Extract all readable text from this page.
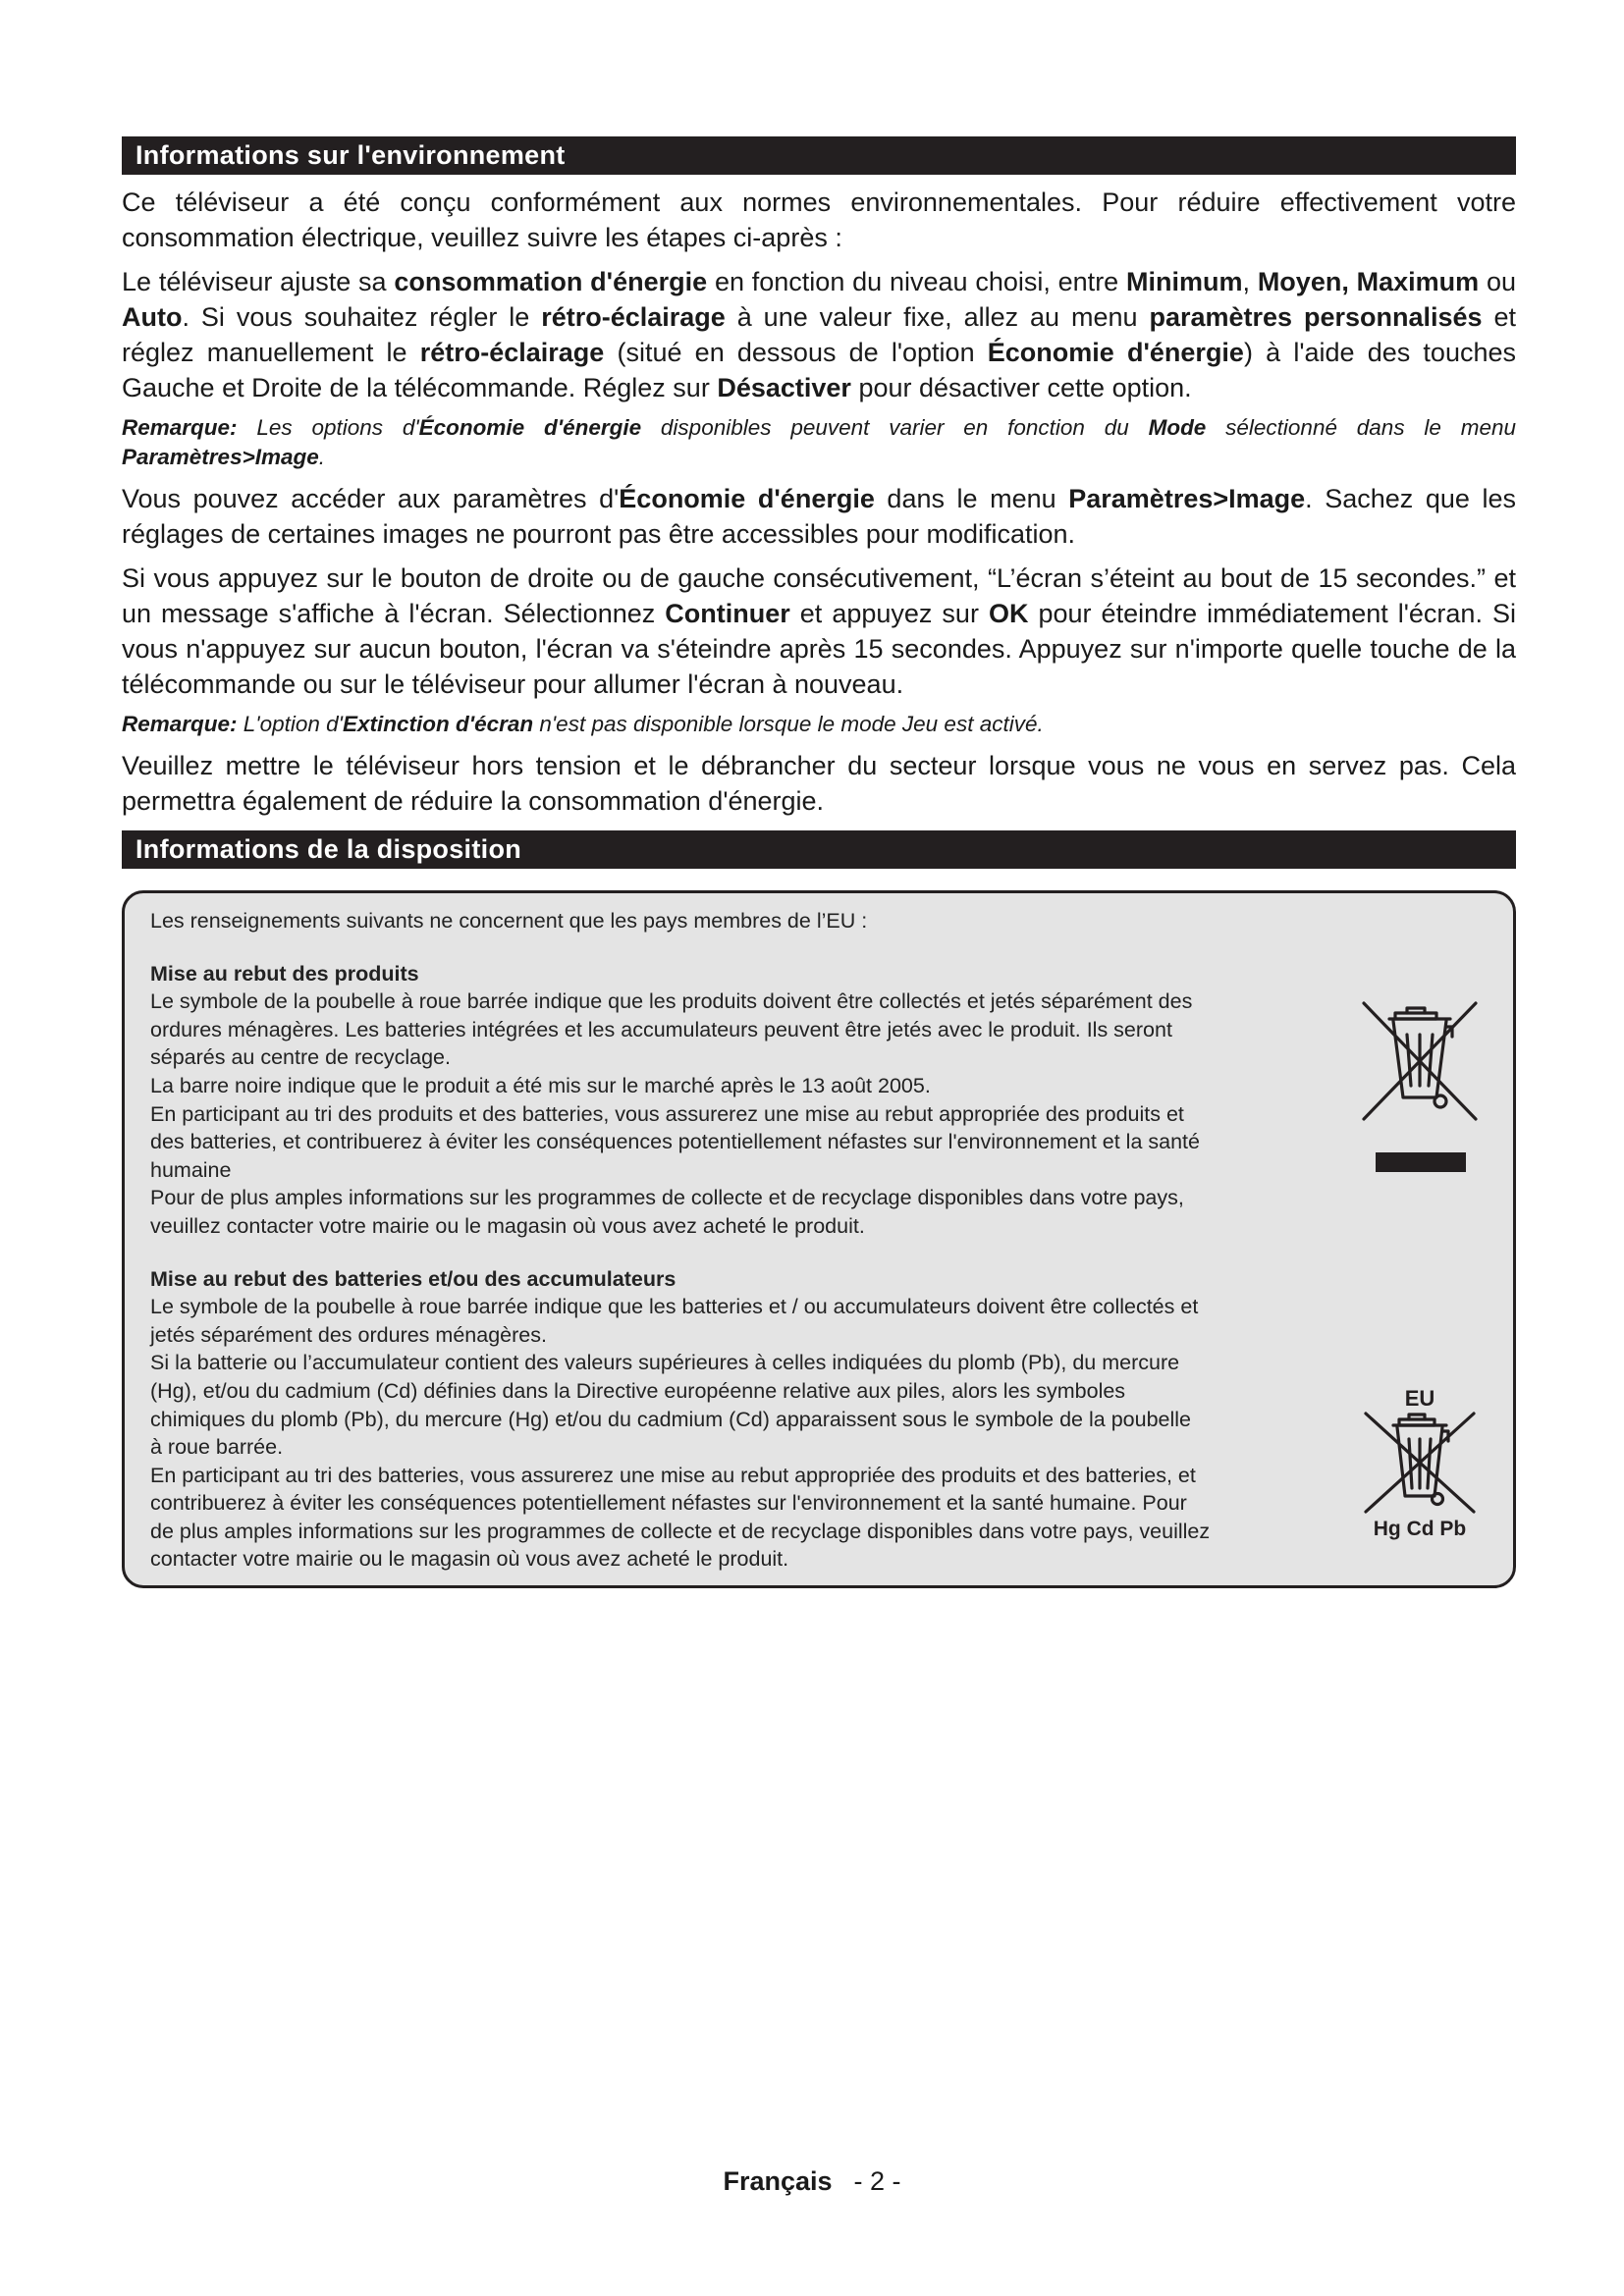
Informations sur l'environnement

Ce téléviseur a été conçu conformément aux normes environnementales. Pour réduire effectivement votre consommation électrique, veuillez suivre les étapes ci-après :

Le téléviseur ajuste sa consommation d'énergie en fonction du niveau choisi, entre Minimum, Moyen, Maximum ou Auto. Si vous souhaitez régler le rétro-éclairage à une valeur fixe, allez au menu paramètres personnalisés et réglez manuellement le rétro-éclairage (situé en dessous de l'option Économie d'énergie) à l'aide des touches Gauche et Droite de la télécommande. Réglez sur Désactiver pour désactiver cette option.

Remarque: Les options d'Économie d'énergie disponibles peuvent varier en fonction du Mode sélectionné dans le menu Paramètres>Image.

Vous pouvez accéder aux paramètres d'Économie d'énergie dans le menu Paramètres>Image. Sachez que les réglages de certaines images ne pourront pas être accessibles pour modification.

Si vous appuyez sur le bouton de droite ou de gauche consécutivement, “L’écran s’éteint au bout de 15 secondes.” et un message s'affiche à l'écran. Sélectionnez Continuer et appuyez sur OK pour éteindre immédiatement l'écran. Si vous n'appuyez sur aucun bouton, l'écran va s'éteindre après 15 secondes. Appuyez sur n'importe quelle touche de la télécommande ou sur le téléviseur pour allumer l'écran à nouveau.

Remarque: L'option d'Extinction d'écran n'est pas disponible lorsque le mode Jeu est activé.

Veuillez mettre le téléviseur hors tension et le débrancher du secteur lorsque vous ne vous en servez pas. Cela permettra également de réduire la consommation d'énergie.

Informations de la disposition

Les renseignements suivants ne concernent que les pays membres de l’EU :

Mise au rebut des produits

Le symbole de la poubelle à roue barrée indique que les produits doivent être collectés et jetés séparément des

ordures ménagères. Les batteries intégrées et les accumulateurs peuvent être jetés avec le produit. Ils seront

séparés au centre de recyclage.

La barre noire indique que le produit a été mis sur le marché après le 13 août 2005.

En participant au tri des produits et des batteries, vous assurerez une mise au rebut appropriée des produits et

des batteries, et contribuerez à éviter les conséquences potentiellement néfastes sur l'environnement et la santé

humaine

Pour de plus amples informations sur les programmes de collecte et de recyclage disponibles dans votre pays,

veuillez contacter votre mairie ou le magasin où vous avez acheté le produit.

Mise au rebut des batteries et/ou des accumulateurs

Le symbole de la poubelle à roue barrée indique que les batteries et / ou accumulateurs doivent être collectés et

jetés séparément des ordures ménagères.

Si la batterie ou l’accumulateur contient des valeurs supérieures à celles indiquées du plomb (Pb), du mercure

(Hg), et/ou du cadmium (Cd) définies dans la Directive européenne relative aux piles, alors les symboles

chimiques du plomb (Pb), du mercure (Hg) et/ou du cadmium (Cd) apparaissent sous le symbole de la poubelle

à roue barrée.

En participant au tri des batteries, vous assurerez une mise au rebut appropriée des produits et des batteries, et

contribuerez à éviter les conséquences potentiellement néfastes sur l'environnement et la santé humaine. Pour

de plus amples informations sur les programmes de collecte et de recyclage disponibles dans votre pays, veuillez

contacter votre mairie ou le magasin où vous avez acheté le produit.

EU
Hg Cd Pb
Français - 2 -
